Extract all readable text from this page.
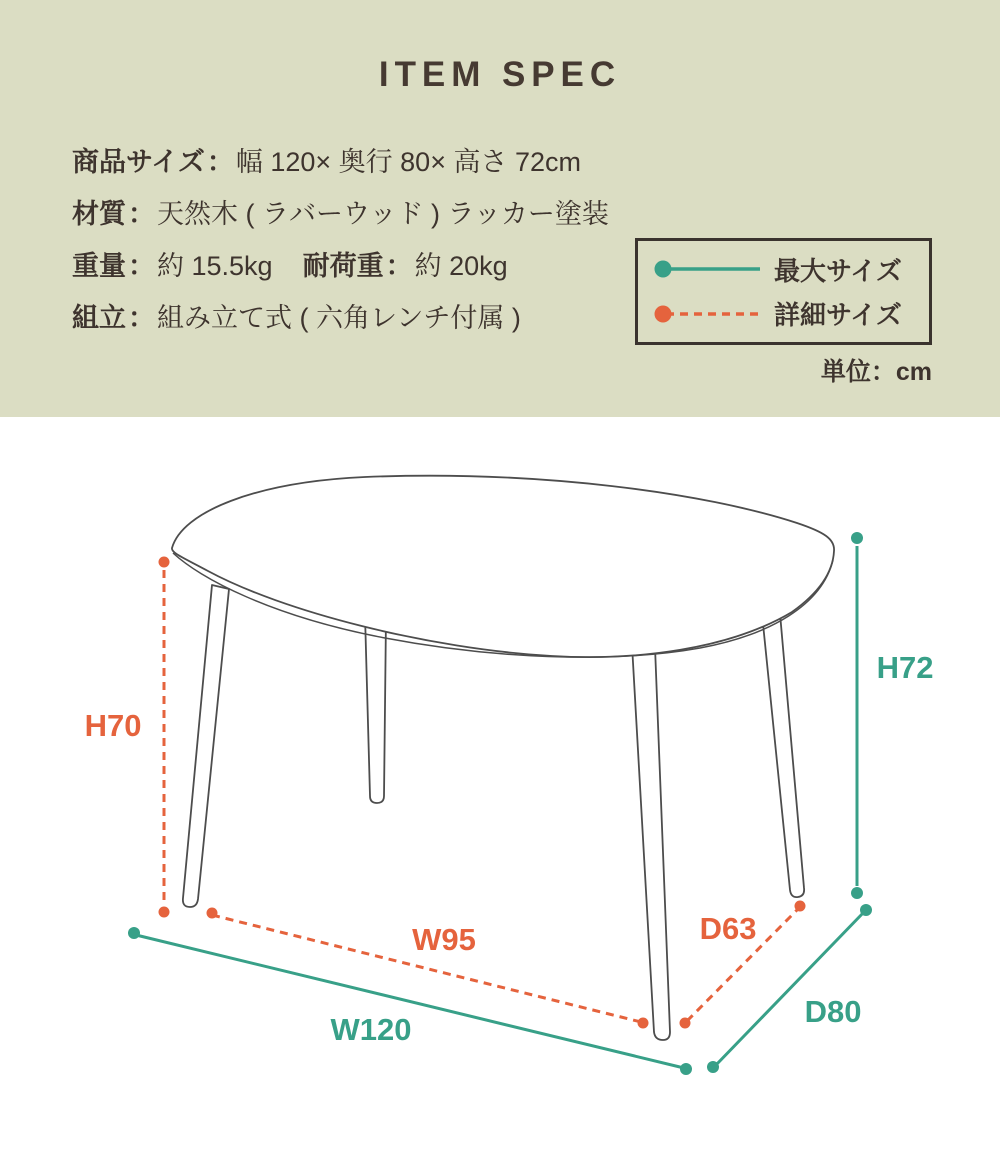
ITEM SPEC
商品サイズ ： 幅 120× 奥行 80× 高さ 72cm
材質 ： 天然木 ( ラバーウッド ) ラッカー塗装
重量 ： 約 15.5kg 耐荷重 ： 約 20kg
組立 ： 組み立て式 ( 六角レンチ付属 )
最大サイズ
詳細サイズ
単位：cm
H70
H72
W95
W120
D63
D80
